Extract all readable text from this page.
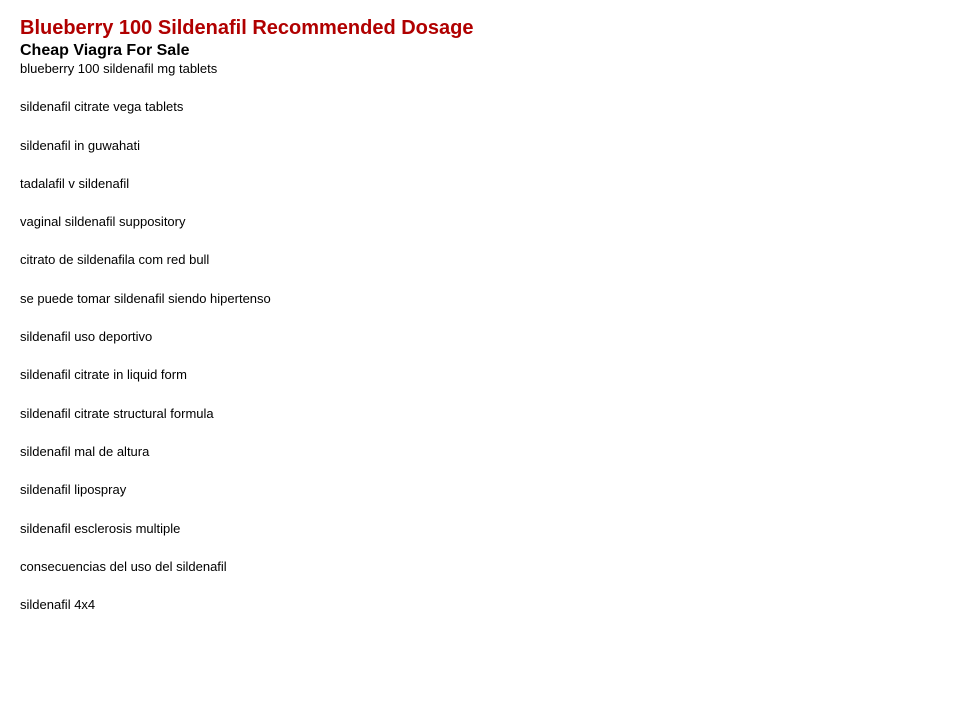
Blueberry 100 Sildenafil Recommended Dosage
Cheap Viagra For Sale
blueberry 100 sildenafil mg tablets
sildenafil citrate vega tablets
sildenafil in guwahati
tadalafil v sildenafil
vaginal sildenafil suppository
citrato de sildenafila com red bull
se puede tomar sildenafil siendo hipertenso
sildenafil uso deportivo
sildenafil citrate in liquid form
sildenafil citrate structural formula
sildenafil mal de altura
sildenafil lipospray
sildenafil esclerosis multiple
consecuencias del uso del sildenafil
sildenafil 4x4
